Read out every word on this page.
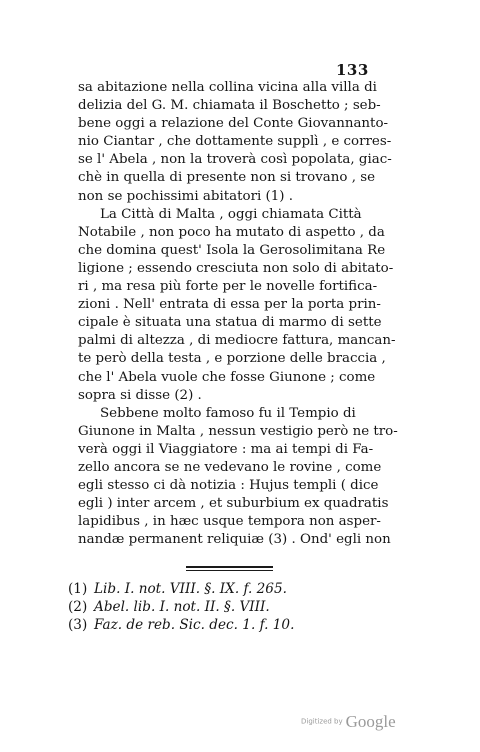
133
sa abitazione nella collina vicina alla villa di
delizia del G. M. chiamata il Boschetto ; seb-
bene oggi a relazione del Conte Giovannanto-
nio Ciantar , che dottamente supplì , e corres-
se l' Abela , non la troverà così popolata, giac-
chè in quella di presente non si trovano , se
non se pochissimi abitatori (1) .
La Città di Malta , oggi chiamata Città
Notabile , non poco ha mutato di aspetto , da
che domina quest' Isola la Gerosolimitana Re
ligione ; essendo cresciuta non solo di abitato-
ri , ma resa più forte per le novelle fortifica-
zioni . Nell' entrata di essa per la porta prin-
cipale è situata una statua di marmo di sette
palmi di altezza , di mediocre fattura, mancan-
te però della testa , e porzione delle braccia ,
che l' Abela vuole che fosse Giunone ; come
sopra si disse (2) .
Sebbene molto famoso fu il Tempio di
Giunone in Malta , nessun vestigio però ne tro-
verà oggi il Viaggiatore : ma ai tempi di Fa-
zello ancora se ne vedevano le rovine , come
egli stesso ci dà notizia : Hujus templi ( dice
egli ) inter arcem , et suburbium ex quadratis
lapidibus , in hæc usque tempora non asper-
nandæ permanent reliquiæ (3) . Ond' egli non
(1) Lib. I. not. VIII. §. IX. f. 265.
(2) Abel. lib. I. not. II. §. VIII.
(3) Faz. de reb. Sic. dec. 1. f. 10.
Digitized by Google
